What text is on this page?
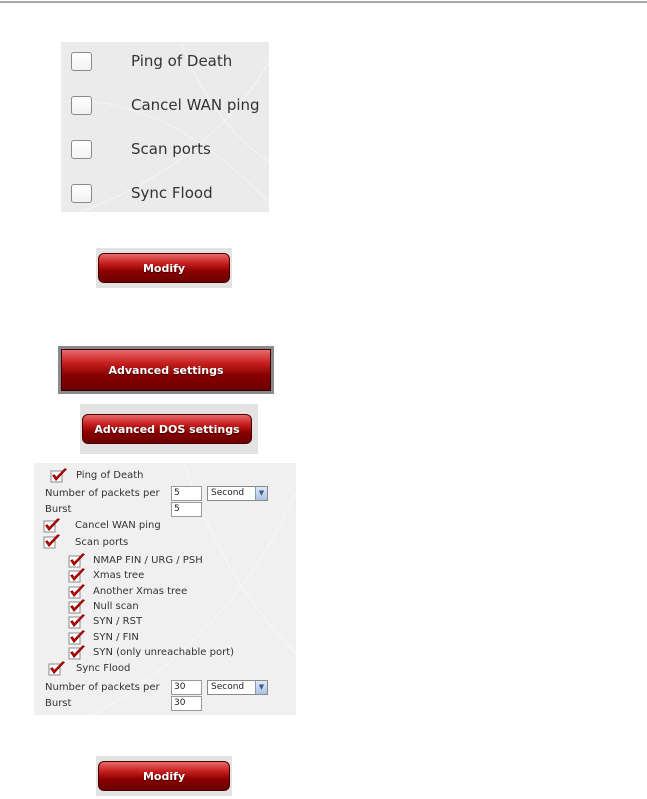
Ping of Death
Cancel WAN ping
Scan ports
Sync Flood
Modify
Advanced settings
Advanced DOS settings
Ping of Death
Number of packets per	5	Second	▼
Burst	5
Cancel WAN ping
Scan ports
NMAP FIN / URG / PSH
Xmas tree
Another Xmas tree
Null scan
SYN / RST
SYN / FIN
SYN (only unreachable port)
Sync Flood
Number of packets per	30	Second	▼
Burst	30
Modify
